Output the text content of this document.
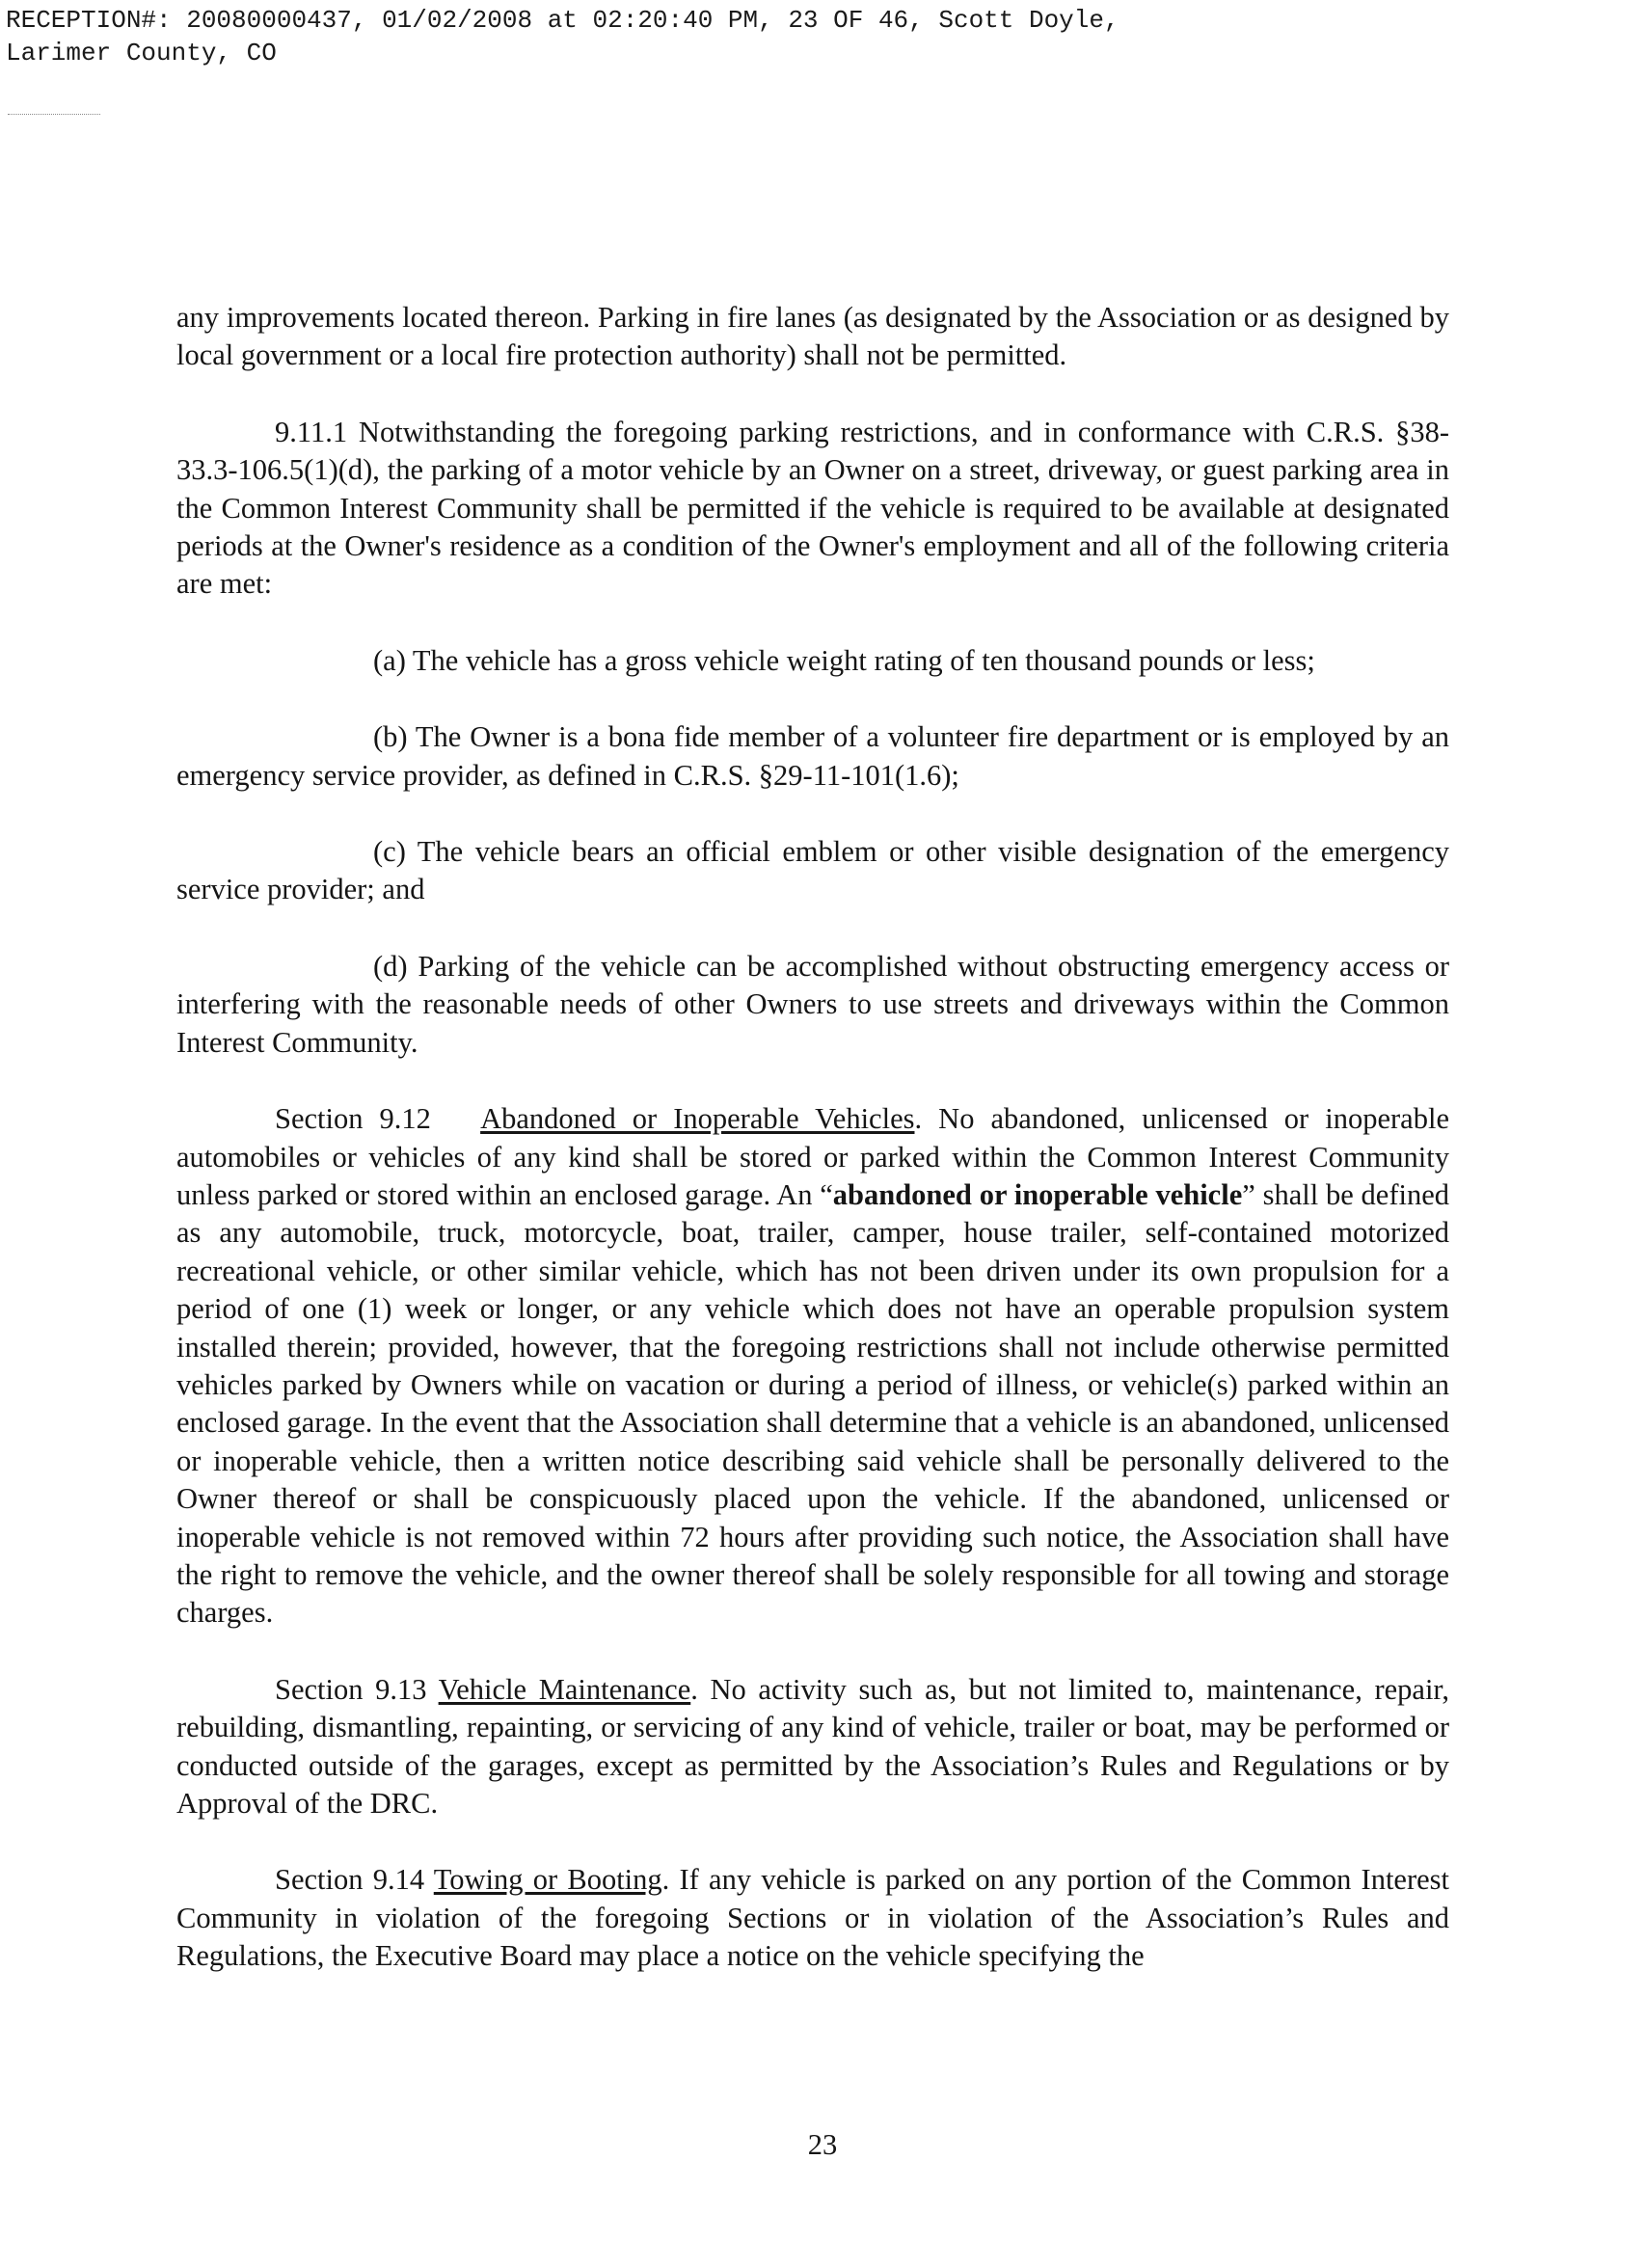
RECEPTION#: 20080000437, 01/02/2008 at 02:20:40 PM, 23 OF 46, Scott Doyle,
Larimer County, CO

any improvements located thereon. Parking in fire lanes (as designated by the Association or as designed by local government or a local fire protection authority) shall not be permitted.

9.11.1 Notwithstanding the foregoing parking restrictions, and in conformance with C.R.S. §38-33.3-106.5(1)(d), the parking of a motor vehicle by an Owner on a street, driveway, or guest parking area in the Common Interest Community shall be permitted if the vehicle is required to be available at designated periods at the Owner's residence as a condition of the Owner's employment and all of the following criteria are met:

(a) The vehicle has a gross vehicle weight rating of ten thousand pounds or less;

(b) The Owner is a bona fide member of a volunteer fire department or is employed by an emergency service provider, as defined in C.R.S. §29-11-101(1.6);

(c) The vehicle bears an official emblem or other visible designation of the emergency service provider; and

(d) Parking of the vehicle can be accomplished without obstructing emergency access or interfering with the reasonable needs of other Owners to use streets and driveways within the Common Interest Community.

Section 9.12 Abandoned or Inoperable Vehicles. No abandoned, unlicensed or inoperable automobiles or vehicles of any kind shall be stored or parked within the Common Interest Community unless parked or stored within an enclosed garage. An “abandoned or inoperable vehicle” shall be defined as any automobile, truck, motorcycle, boat, trailer, camper, house trailer, self-contained motorized recreational vehicle, or other similar vehicle, which has not been driven under its own propulsion for a period of one (1) week or longer, or any vehicle which does not have an operable propulsion system installed therein; provided, however, that the foregoing restrictions shall not include otherwise permitted vehicles parked by Owners while on vacation or during a period of illness, or vehicle(s) parked within an enclosed garage. In the event that the Association shall determine that a vehicle is an abandoned, unlicensed or inoperable vehicle, then a written notice describing said vehicle shall be personally delivered to the Owner thereof or shall be conspicuously placed upon the vehicle. If the abandoned, unlicensed or inoperable vehicle is not removed within 72 hours after providing such notice, the Association shall have the right to remove the vehicle, and the owner thereof shall be solely responsible for all towing and storage charges.

Section 9.13 Vehicle Maintenance. No activity such as, but not limited to, maintenance, repair, rebuilding, dismantling, repainting, or servicing of any kind of vehicle, trailer or boat, may be performed or conducted outside of the garages, except as permitted by the Association’s Rules and Regulations or by Approval of the DRC.

Section 9.14 Towing or Booting. If any vehicle is parked on any portion of the Common Interest Community in violation of the foregoing Sections or in violation of the Association’s Rules and Regulations, the Executive Board may place a notice on the vehicle specifying the

23
